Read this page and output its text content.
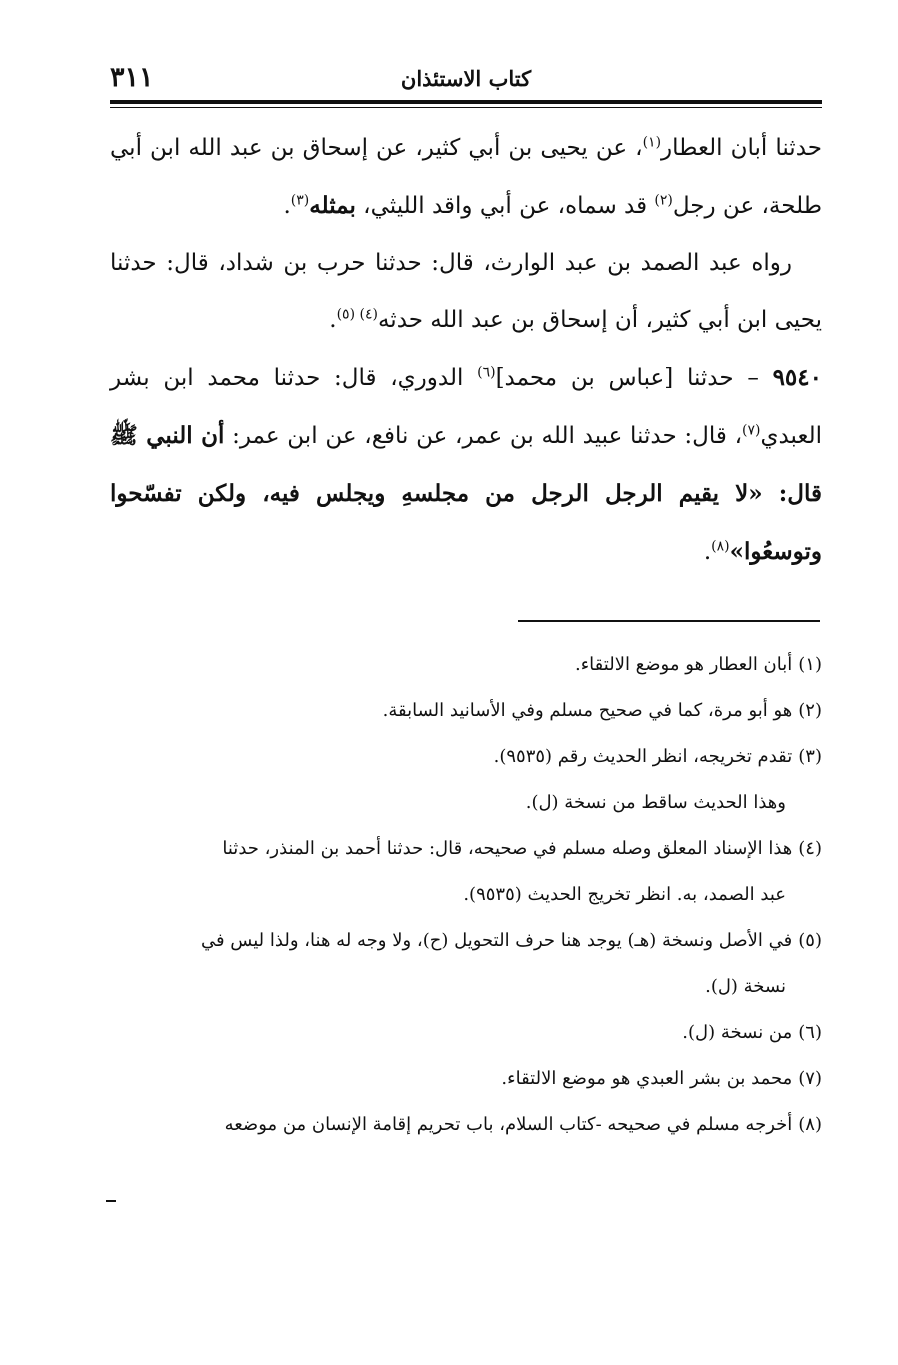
كتاب الاستئذان
٣١١

حدثنا أبان العطار$^{(١)}$، عن يحيى بن أبي كثير، عن إسحاق بن عبد الله ابن أبي طلحة، عن رجل$^{(٢)}$ قد سماه، عن أبي واقد الليثي، بمثله$^{(٣)}$.

رواه عبد الصمد بن عبد الوارث، قال: حدثنا حرب بن شداد، قال: حدثنا يحيى ابن أبي كثير، أن إسحاق بن عبد الله حدثه$^{(٤)}$ $^{(٥)}$.

٩٥٤٠ – حدثنا [عباس بن محمد]$^{(٦)}$ الدوري، قال: حدثنا محمد ابن بشر العبدي$^{(٧)}$، قال: حدثنا عبيد الله بن عمر، عن نافع، عن ابن عمر: أن النبي ﷺ قال: «لا يقيم الرجل الرجل من مجلسهِ ويجلس فيه، ولكن تفسّحوا وتوسعُوا»$^{(٨)}$.

(١)أبان العطار هو موضع الالتقاء.

(٢)هو أبو مرة، كما في صحيح مسلم وفي الأسانيد السابقة.

(٣)تقدم تخريجه، انظر الحديث رقم (٩٥٣٥).

وهذا الحديث ساقط من نسخة (ل).

(٤)هذا الإسناد المعلق وصله مسلم في صحيحه، قال: حدثنا أحمد بن المنذر، حدثنا

عبد الصمد، به. انظر تخريج الحديث (٩٥٣٥).

(٥)في الأصل ونسخة (هـ) يوجد هنا حرف التحويل (ح)، ولا وجه له هنا، ولذا ليس في

نسخة (ل).

(٦)من نسخة (ل).

(٧)محمد بن بشر العبدي هو موضع الالتقاء.

(٨)أخرجه مسلم في صحيحه -كتاب السلام، باب تحريم إقامة الإنسان من موضعه
